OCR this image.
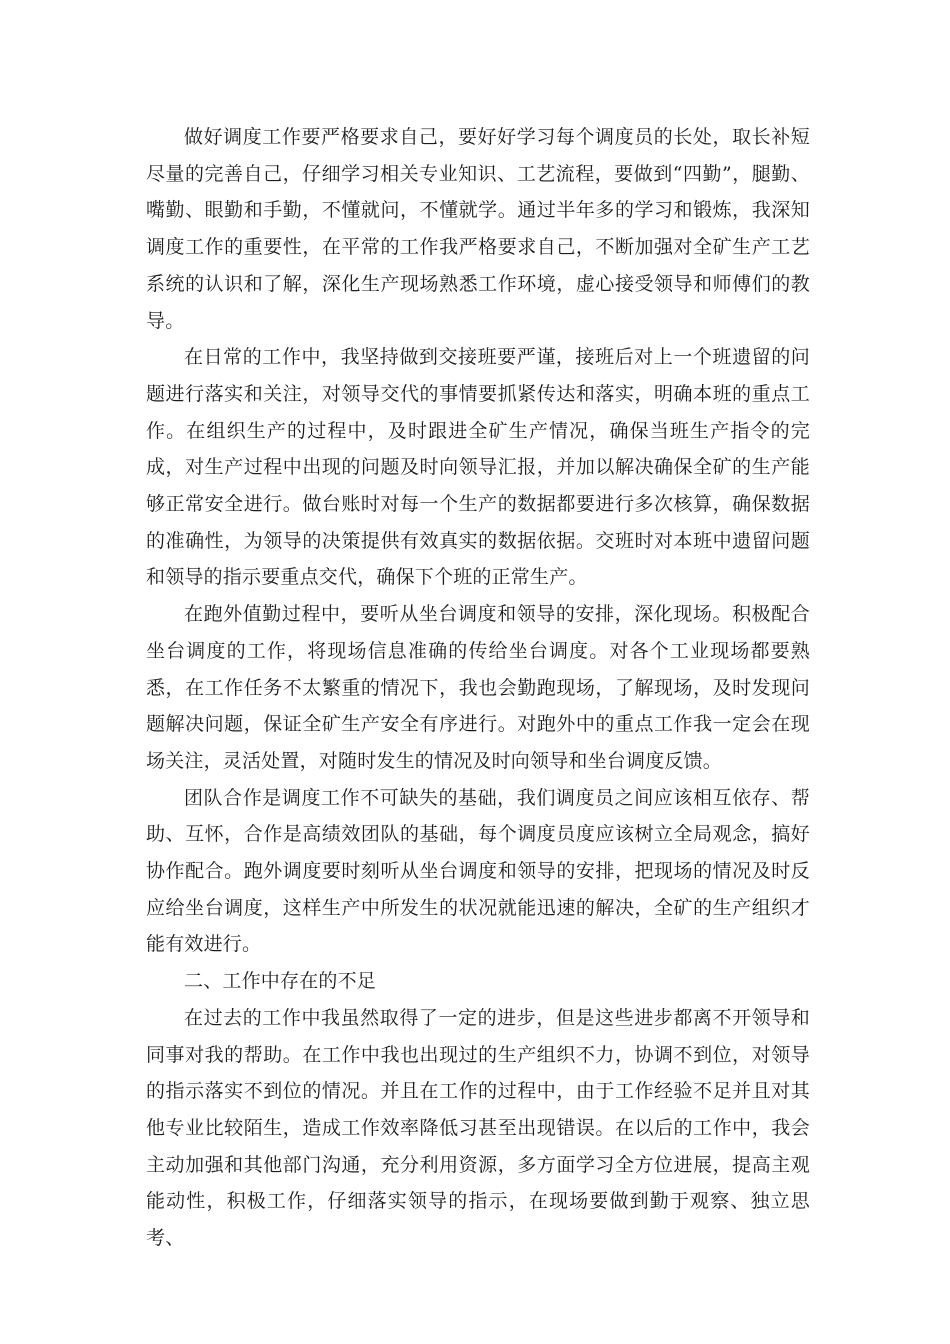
做好调度工作要严格要求自己，要好好学习每个调度员的长处，取长补短尽量的完善自己，仔细学习相关专业知识、工艺流程，要做到“四勤”，腿勤、嘴勤、眼勤和手勤，不懂就问，不懂就学。通过半年多的学习和锻炼，我深知调度工作的重要性，在平常的工作我严格要求自己，不断加强对全矿生产工艺系统的认识和了解，深化生产现场熟悉工作环境，虚心接受领导和师傅们的教导。

在日常的工作中，我坚持做到交接班要严谨，接班后对上一个班遗留的问题进行落实和关注，对领导交代的事情要抓紧传达和落实，明确本班的重点工作。在组织生产的过程中，及时跟进全矿生产情况，确保当班生产指令的完成，对生产过程中出现的问题及时向领导汇报，并加以解决确保全矿的生产能够正常安全进行。做台账时对每一个生产的数据都要进行多次核算，确保数据的准确性，为领导的决策提供有效真实的数据依据。交班时对本班中遗留问题和领导的指示要重点交代，确保下个班的正常生产。

在跑外值勤过程中，要听从坐台调度和领导的安排，深化现场。积极配合坐台调度的工作，将现场信息准确的传给坐台调度。对各个工业现场都要熟悉，在工作任务不太繁重的情况下，我也会勤跑现场，了解现场，及时发现问题解决问题，保证全矿生产安全有序进行。对跑外中的重点工作我一定会在现场关注，灵活处置，对随时发生的情况及时向领导和坐台调度反馈。

团队合作是调度工作不可缺失的基础，我们调度员之间应该相互依存、帮助、互怀，合作是高绩效团队的基础，每个调度员度应该树立全局观念，搞好协作配合。跑外调度要时刻听从坐台调度和领导的安排，把现场的情况及时反应给坐台调度，这样生产中所发生的状况就能迅速的解决，全矿的生产组织才能有效进行。

二、工作中存在的不足

在过去的工作中我虽然取得了一定的进步，但是这些进步都离不开领导和同事对我的帮助。在工作中我也出现过的生产组织不力，协调不到位，对领导的指示落实不到位的情况。并且在工作的过程中，由于工作经验不足并且对其他专业比较陌生，造成工作效率降低习甚至出现错误。在以后的工作中，我会主动加强和其他部门沟通，充分利用资源，多方面学习全方位进展，提高主观能动性，积极工作，仔细落实领导的指示，在现场要做到勤于观察、独立思考、
